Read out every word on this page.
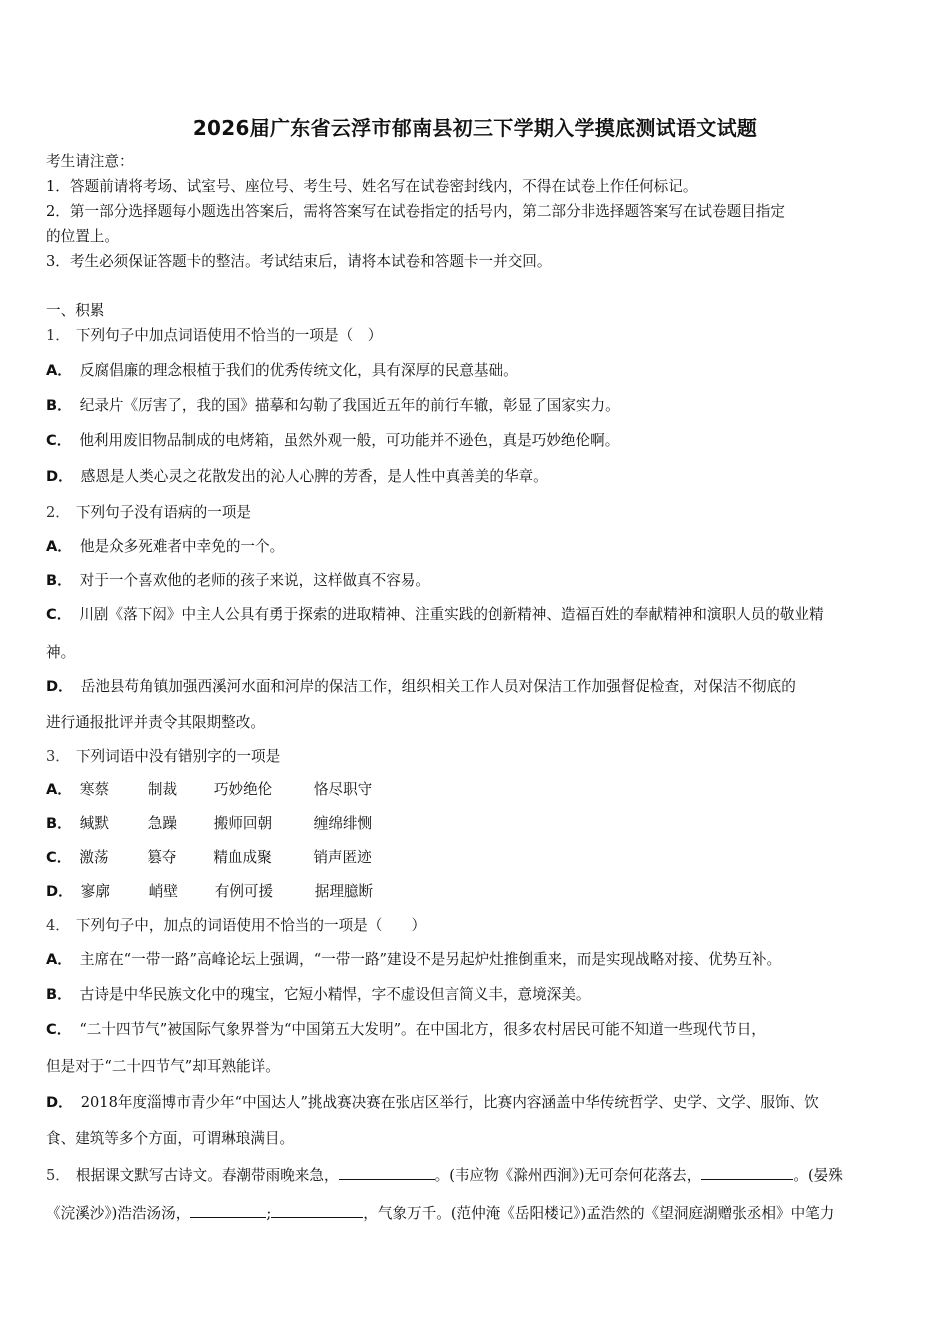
2026届广东省云浮市郁南县初三下学期入学摸底测试语文试题
考生请注意：
1．答题前请将考场、试室号、座位号、考生号、姓名写在试卷密封线内，不得在试卷上作任何标记。
2．第一部分选择题每小题选出答案后，需将答案写在试卷指定的括号内，第二部分非选择题答案写在试卷题目指定
的位置上。
3．考生必须保证答题卡的整洁。考试结束后，请将本试卷和答题卡一并交回。
一、积累
1． 下列句子中加点词语使用不恰当的一项是（　）
A． 反腐倡廉的理念根植于我们的优秀传统文化，具有深厚的民意基础。
B． 纪录片《厉害了，我的国》描摹和勾勒了我国近五年的前行车辙，彰显了国家实力。
C． 他利用废旧物品制成的电烤箱，虽然外观一般，可功能并不逊色，真是巧妙绝伦啊。
D． 感恩是人类心灵之花散发出的沁人心脾的芳香，是人性中真善美的华章。
2． 下列句子没有语病的一项是
A． 他是众多死难者中幸免的一个。
B． 对于一个喜欢他的老师的孩子来说，这样做真不容易。
C． 川剧《落下闳》中主人公具有勇于探索的进取精神、注重实践的创新精神、造福百姓的奉献精神和演职人员的敬业精
神。
D． 岳池县苟角镇加强西溪河水面和河岸的保洁工作，组织相关工作人员对保洁工作加强督促检查，对保洁不彻底的
进行通报批评并责令其限期整改。
3． 下列词语中没有错别字的一项是
A． 寒蔡	制裁	巧妙绝伦	恪尽职守
B． 缄默	急躁	搬师回朝	缠绵绯恻
C． 激荡	篡夺	精血成聚	销声匿迹
D． 寥廓	峭壁	有例可援	据理臆断
4． 下列句子中，加点的词语使用不恰当的一项是（　　）
A． 主席在“一带一路”高峰论坛上强调，“一带一路”建设不是另起炉灶推倒重来，而是实现战略对接、优势互补。
B． 古诗是中华民族文化中的瑰宝，它短小精悍，字不虚设但言简义丰，意境深美。
C． “二十四节气”被国际气象界誉为“中国第五大发明”。在中国北方，很多农村居民可能不知道一些现代节日，
但是对于“二十四节气”却耳熟能详。
D． 2018年度淄博市青少年“中国达人”挑战赛决赛在张店区举行，比赛内容涵盖中华传统哲学、史学、文学、服饰、饮
食、建筑等多个方面，可谓琳琅满目。
5． 根据课文默写古诗文。春潮带雨晚来急，	。(韦应物《滁州西涧》)无可奈何花落去，	。(晏殊
《浣溪沙》)浩浩汤汤，	;	，气象万千。(范仲淹《岳阳楼记》)孟浩然的《望洞庭湖赠张丞相》中笔力
